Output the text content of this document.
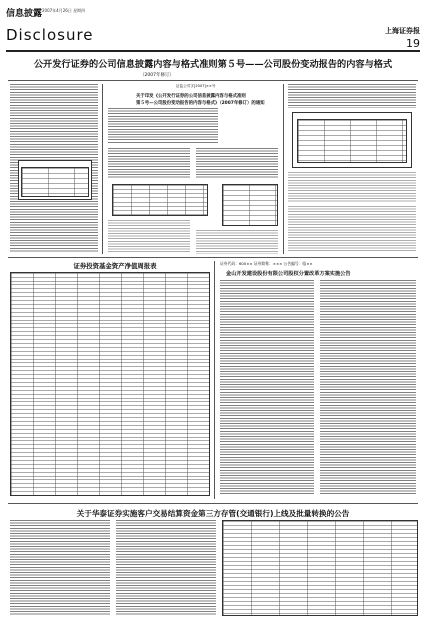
信息披露 2007年4月26日 星期四
Disclosure	上海证券报
19
公开发行证券的公司信息披露内容与格式准则第５号——公司股份变动报告的内容与格式
（2007年修订）
证监公司字[2007]××号
关于印发《公开发行证券的公司信息披露内容与格式准则
第５号—公司股份变动报告的内容与格式》（2007年修订）的通知
证券投资基金资产净值周报表	证券代码：600×× 证券简称：××× 公告编号：临××
金山开发建设股份有限公司股权分置改革方案实施公告
关于华泰证券实施客户交易结算资金第三方存管(交通银行)上线及批量转换的公告
